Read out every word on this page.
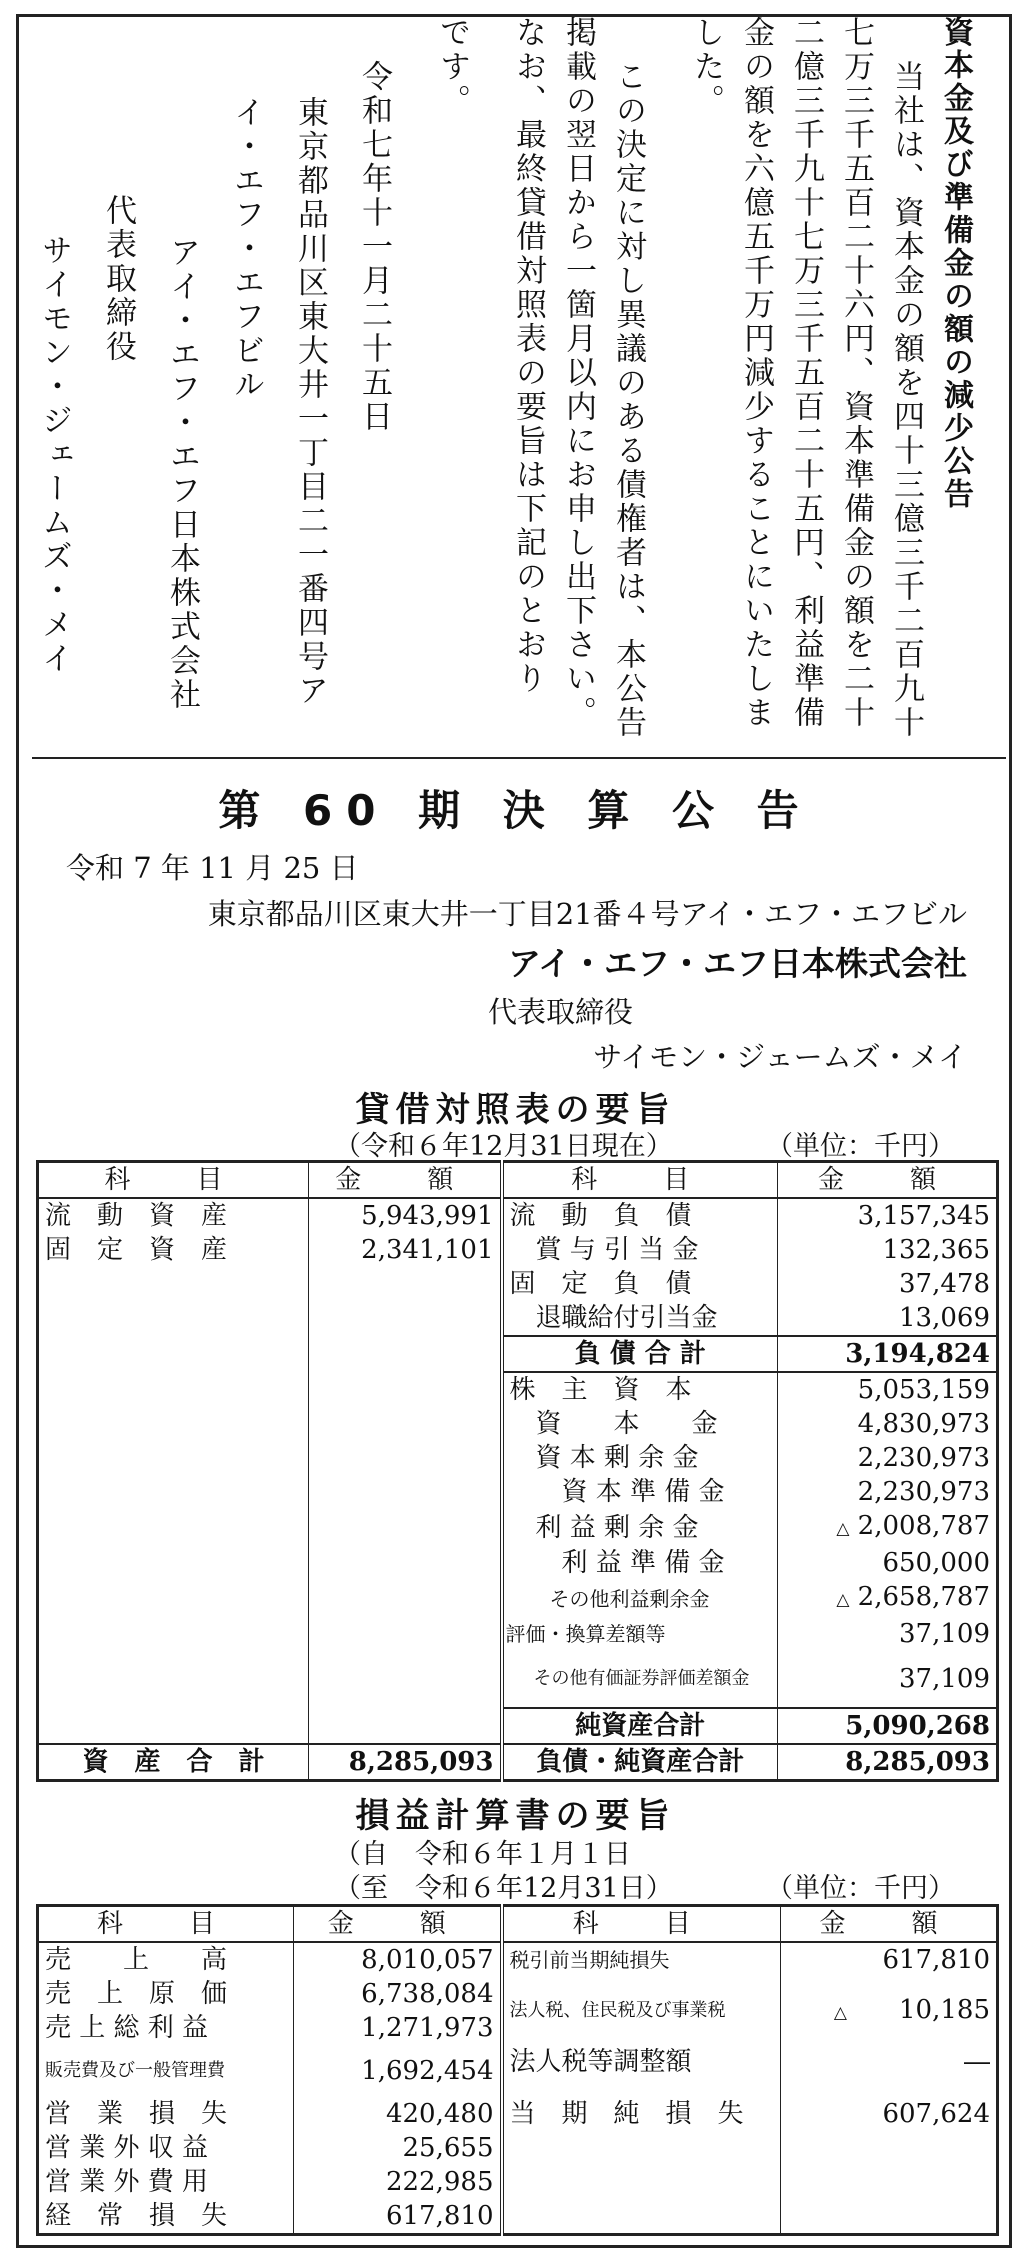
資本金及び準備金の額の減少公告
当社は、資本金の額を四十三億三千二百九十
七万三千五百二十六円、資本準備金の額を二十
二億三千九十七万三千五百二十五円、利益準備
金の額を六億五千万円減少することにいたしま
した。
この決定に対し異議のある債権者は、本公告
掲載の翌日から一箇月以内にお申し出下さい。
なお、最終貸借対照表の要旨は下記のとおり
です。
令和七年十一月二十五日
東京都品川区東大井一丁目二一番四号ア
イ・エフ・エフビル
アイ・エフ・エフ日本株式会社
代表取締役
サイモン・ジェームズ・メイ
第 60 期 決 算 公 告
令和 7 年 11 月 25 日
東京都品川区東大井一丁目21番４号アイ・エフ・エフビル
アイ・エフ・エフ日本株式会社
代表取締役
サイモン・ジェームズ・メイ
貸借対照表の要旨
（令和６年12月31日現在）	（単位：千円）
科　目	金　額	科　目	金　額
流　動　資　産	5,943,991	流　動　負　債	3,157,345
固　定　資　産	2,341,101	　賞 与 引 当 金	132,365
		固　定　負　債	37,478
		　退職給付引当金	13,069
		負 債 合 計	3,194,824
		株　主　資　本	5,053,159
		　資　　本　　金	4,830,973
		　資 本 剰 余 金	2,230,973
		　　資 本 準 備 金	2,230,973
		　利 益 剰 余 金	△ 2,008,787
		　　利 益 準 備 金	650,000
		　　その他利益剰余金	△ 2,658,787
		評価・換算差額等	37,109
		　その他有価証券評価差額金	37,109
		純資産合計	5,090,268
資　産　合　計	8,285,093	負債・純資産合計	8,285,093
損益計算書の要旨
（自　令和６年１月１日
（至　令和６年12月31日）	（単位：千円）
科　目	金　額	科　目	金　額
売　　上　　高	8,010,057	税引前当期純損失	617,810
売　上　原　価	6,738,084	法人税、住民税及び事業税	△　　 10,185
売 上 総 利 益	1,271,973		
販売費及び一般管理費	1,692,454	法人税等調整額	―
営　業　損　失	420,480	当　期　純　損　失	607,624
営 業 外 収 益	25,655		
営 業 外 費 用	222,985		
経　常　損　失	617,810		
